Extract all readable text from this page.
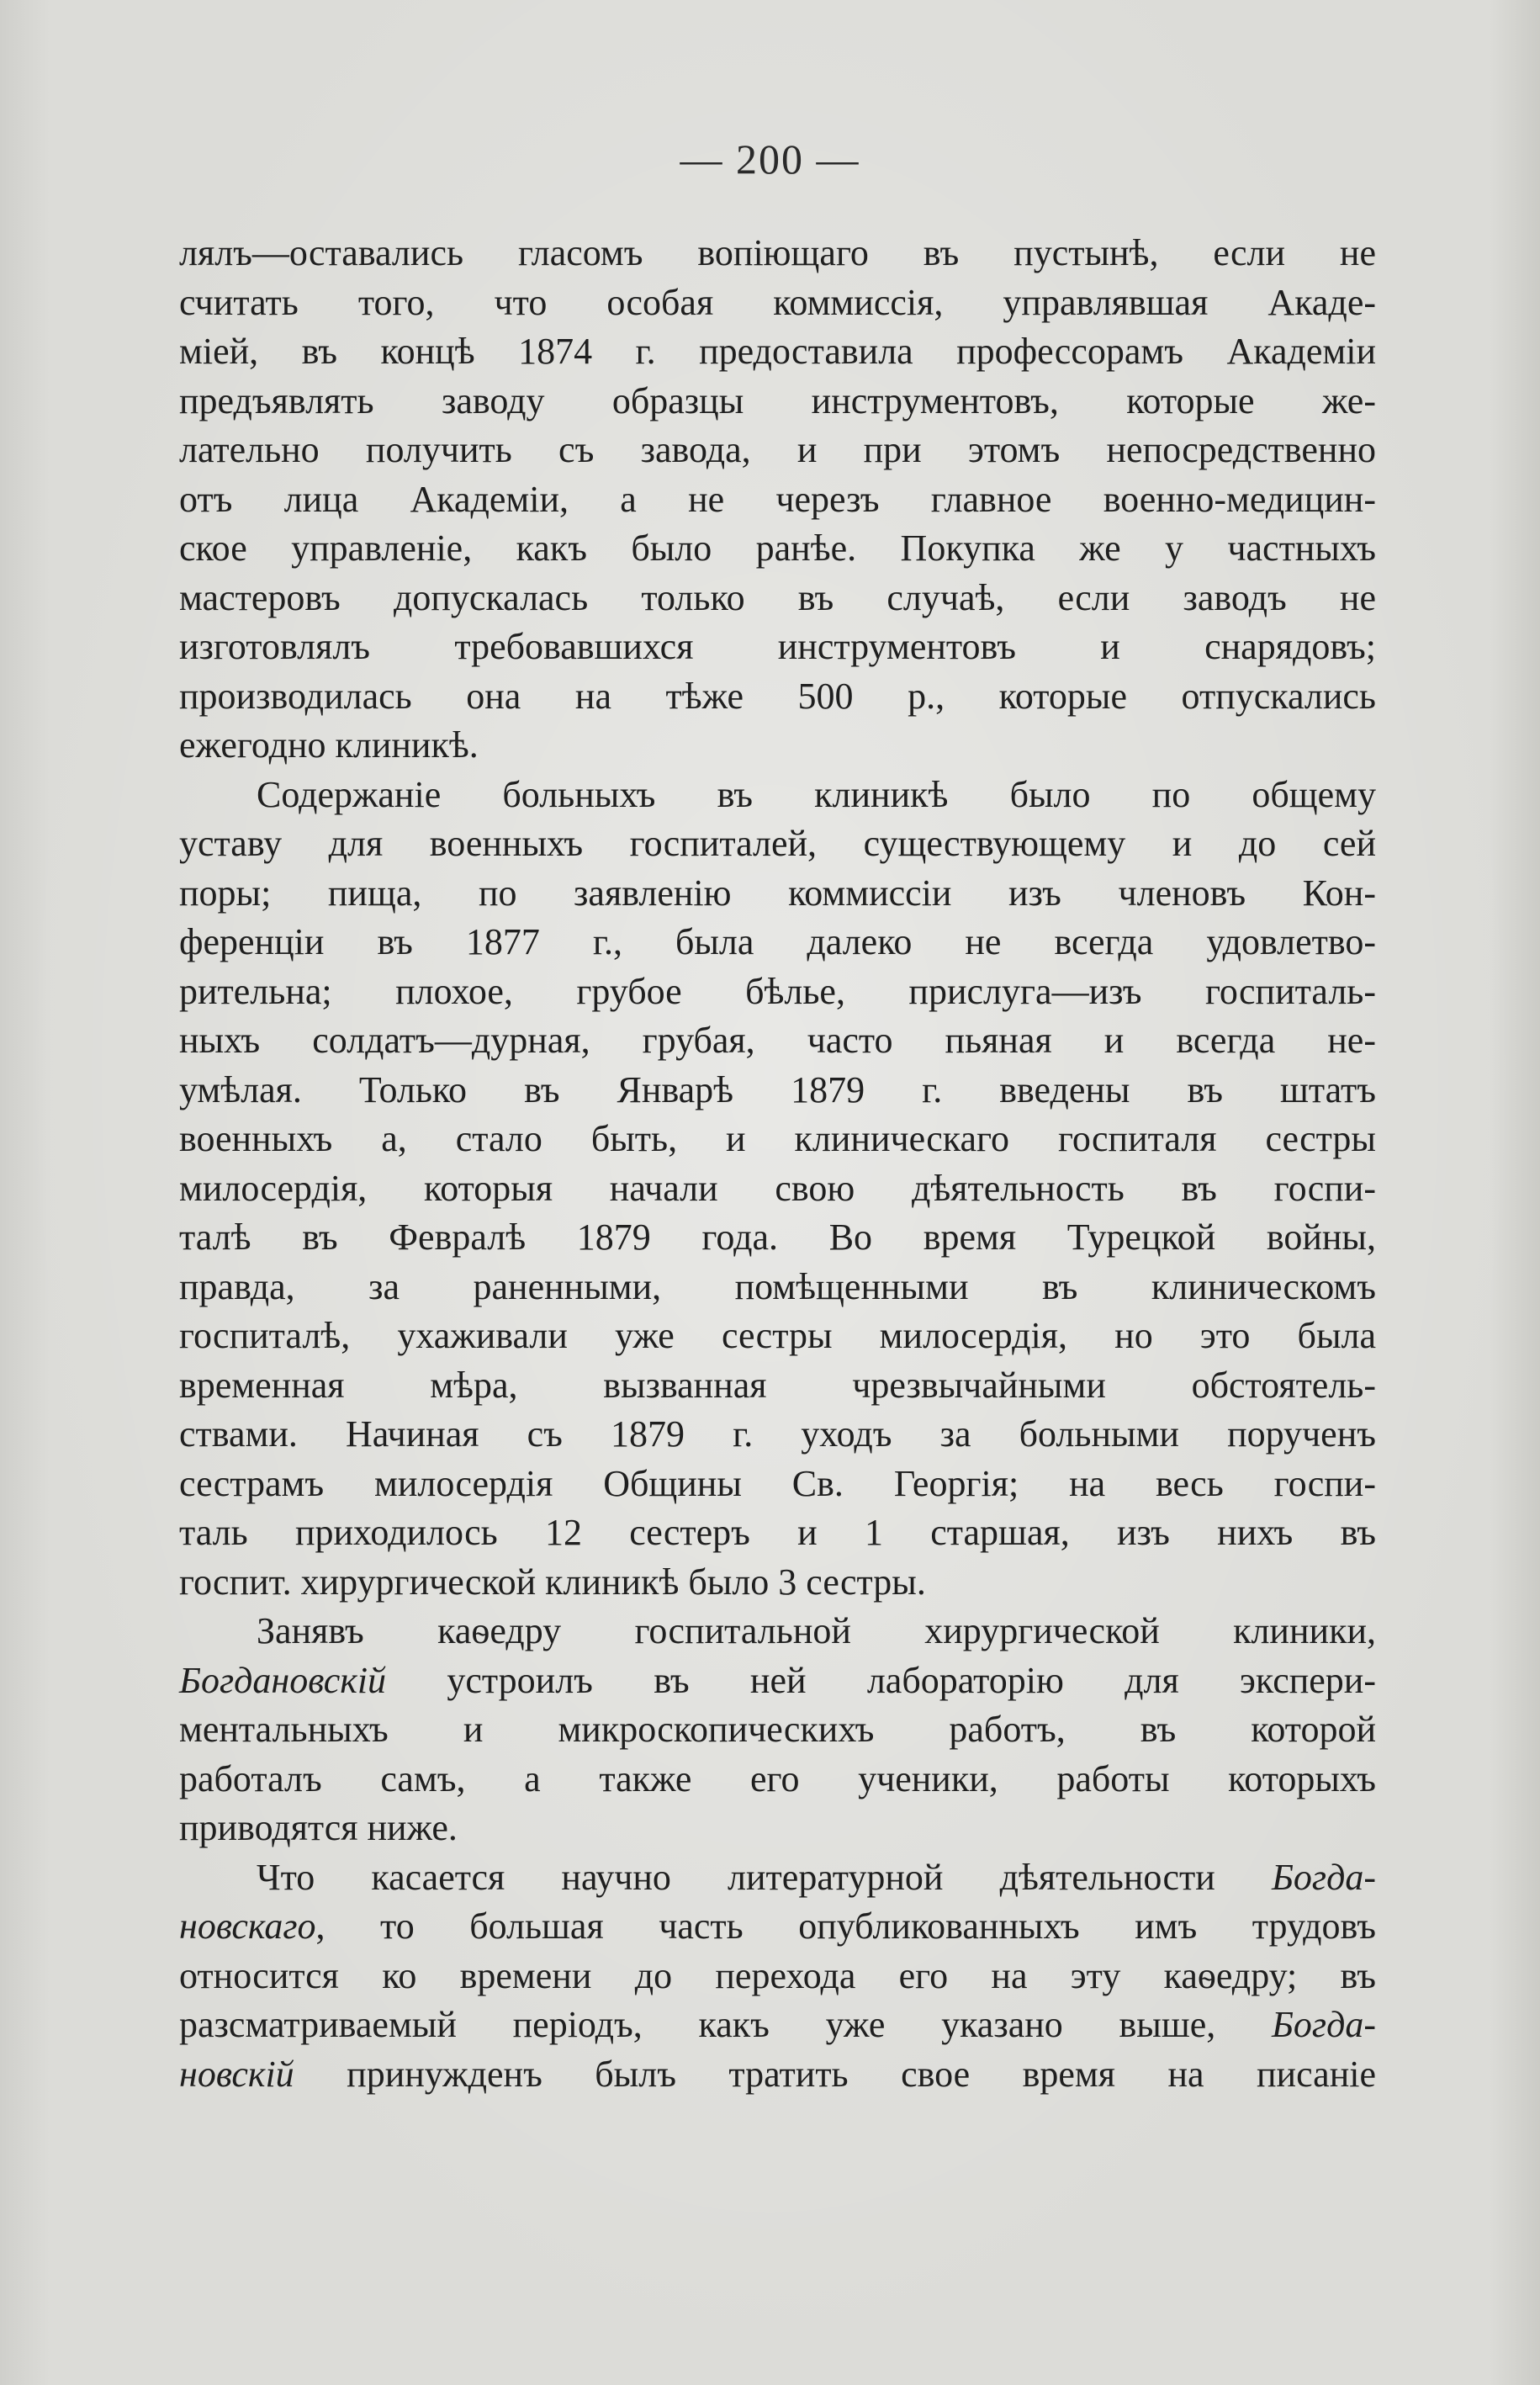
— 200 —
лялъ—оставались гласомъ вопiющаго въ пустынѣ, если не
считать того, что особая коммиссiя, управлявшая Акаде-
мiей, въ концѣ 1874 г. предоставила профессорамъ Академiи
предъявлять заводу образцы инструментовъ, которые же-
лательно получить съ завода, и при этомъ непосредственно
отъ лица Академiи, а не черезъ главное военно-медицин-
ское управленiе, какъ было ранѣе. Покупка же у частныхъ
мастеровъ допускалась только въ случаѣ, если заводъ не
изготовлялъ требовавшихся инструментовъ и снарядовъ;
производилась она на тѣже 500 р., которые отпускались
ежегодно клиникѣ.
Содержанiе больныхъ въ клиникѣ было по общему
уставу для военныхъ госпиталей, существующему и до сей
поры; пища, по заявленiю коммиссiи изъ членовъ Кон-
ференцiи въ 1877 г., была далеко не всегда удовлетво-
рительна; плохое, грубое бѣлье, прислуга—изъ госпиталь-
ныхъ солдатъ—дурная, грубая, часто пьяная и всегда не-
умѣлая. Только въ Январѣ 1879 г. введены въ штатъ
военныхъ а, стало быть, и клиническаго госпиталя сестры
милосердiя, которыя начали свою дѣятельность въ госпи-
талѣ въ Февралѣ 1879 года. Во время Турецкой войны,
правда, за раненными, помѣщенными въ клиническомъ
госпиталѣ, ухаживали уже сестры милосердiя, но это была
временная мѣра, вызванная чрезвычайными обстоятель-
ствами. Начиная съ 1879 г. уходъ за больными порученъ
сестрамъ милосердiя Общины Св. Георгiя; на весь госпи-
таль приходилось 12 сестеръ и 1 старшая, изъ нихъ въ
госпит. хирургической клиникѣ было 3 сестры.
Занявъ каѳедру госпитальной хирургической клиники,
Богдановскiй устроилъ въ ней лабораторiю для экспери-
ментальныхъ и микроскопическихъ работъ, въ которой
работалъ самъ, а также его ученики, работы которыхъ
приводятся ниже.
Что касается научно литературной дѣятельности Богда-
новскаго, то большая часть опубликованныхъ имъ трудовъ
относится ко времени до перехода его на эту каѳедру; въ
разсматриваемый перiодъ, какъ уже указано выше, Богда-
новскiй принужденъ былъ тратить свое время на писанiе
